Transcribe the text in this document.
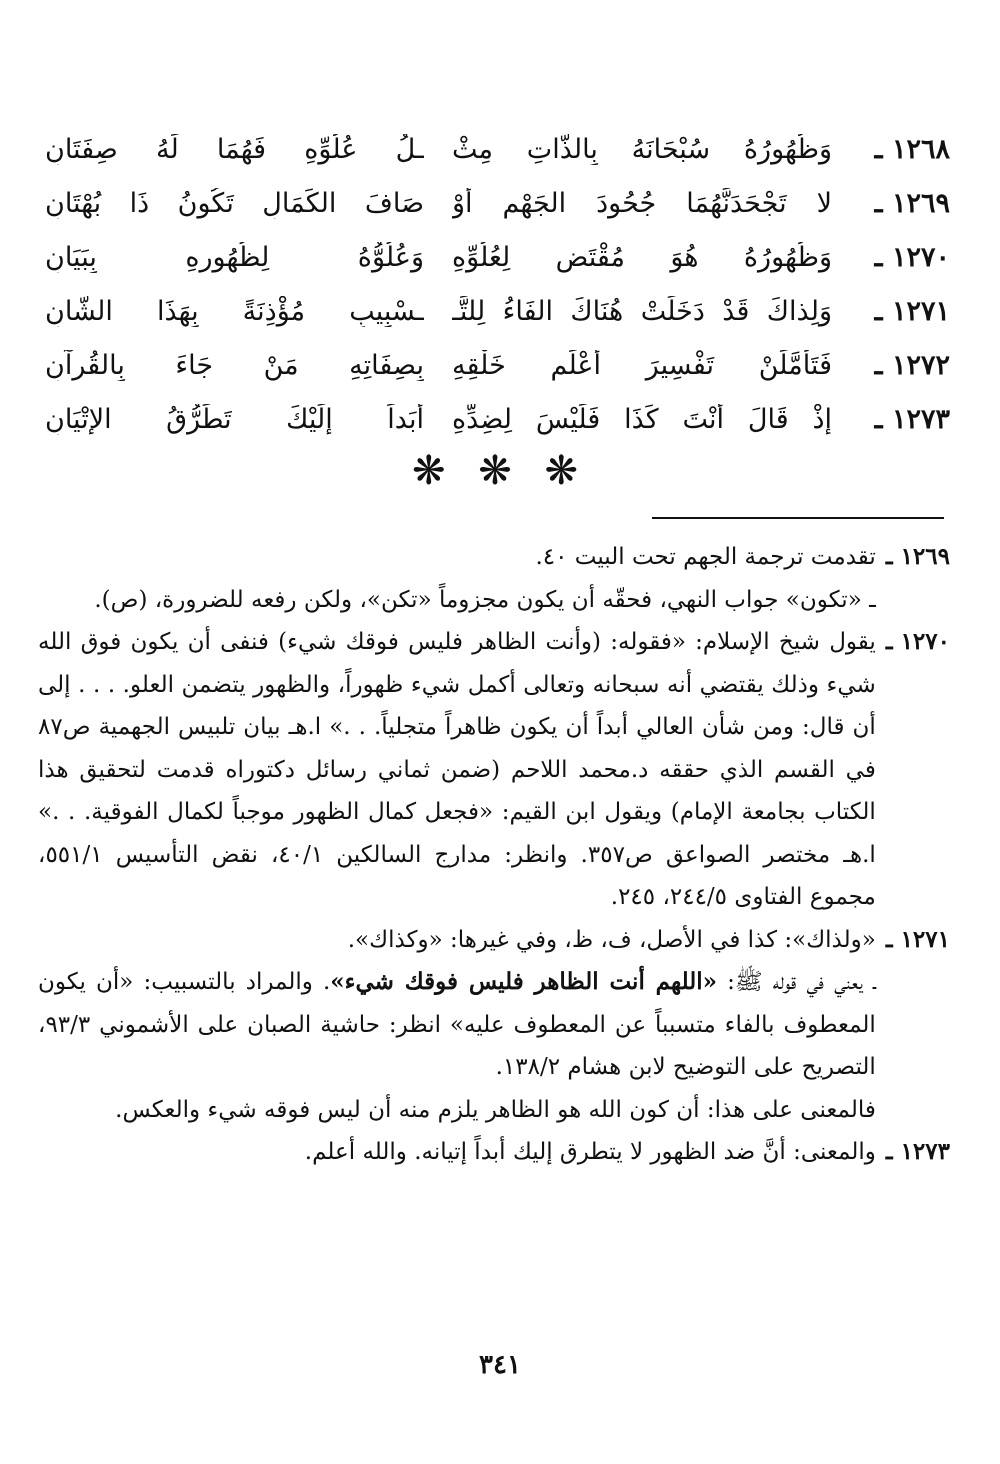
١٢٦٨ ـ
وَظُهُورُهُ سُبْحَانَهُ بِالذَّاتِ مِثْ
ـلُ عُلُوِّهِ فَهُمَا لَهُ صِفَتَانِ
١٢٦٩ ـ
لا تَجْحَدَنَّهُمَا جُحُودَ الجَهْمِ أوْ
صَافَ الكَمَالِ تَكُونُ ذَا بُهْتَانِ
١٢٧٠ ـ
وَظُهُورُهُ هُوَ مُقْتَضٍ لِعُلُوِّهِ
وَعُلُوُّهُ لِظُهُورِهِ بِبَيَانِ
١٢٧١ ـ
وَلِذاكَ قَدْ دَخَلَتْ هُنَاكَ الفَاءُ لِلتَّـ
ـسْبِيبِ مُؤْذِنَةً بِهَذَا الشَّانِ
١٢٧٢ ـ
فَتَأَمَّلَنْ تَفْسِيرَ أعْلَمِ خَلْقِهِ
بِصِفَاتِهِ مَنْ جَاءَ بِالقُرآنِ
١٢٧٣ ـ
إذْ قَالَ أنْتَ كَذَا فَلَيْسَ لِضِدِّهِ
أبَداً إلَيْكَ تَطَرُّقُ الإتْيَانِ
❋ ❋ ❋
١٢٦٩ ـ

تقدمت ترجمة الجهم تحت البيت ٤٠.

ـ «تكون» جواب النهي، فحقّه أن يكون مجزوماً «تكن»، ولكن رفعه للضرورة، (ص).

١٢٧٠ ـ

يقول شيخ الإسلام: «فقوله: (وأنت الظاهر فليس فوقك شيء) فنفى أن يكون فوق الله شيء وذلك يقتضي أنه سبحانه وتعالى أكمل شيء ظهوراً، والظهور يتضمن العلو. . . . إلى أن قال: ومن شأن العالي أبداً أن يكون ظاهراً متجلياً. . .» ا.هـ بيان تلبيس الجهمية ص٨٧ في القسم الذي حققه د.محمد اللاحم (ضمن ثماني رسائل دكتوراه قدمت لتحقيق هذا الكتاب بجامعة الإمام) ويقول ابن القيم: «فجعل كمال الظهور موجباً لكمال الفوقية. . .» ا.هـ مختصر الصواعق ص٣٥٧. وانظر: مدارج السالكين ٤٠/١، نقض التأسيس ٥٥١/١، مجموع الفتاوى ٢٤٤/٥، ٢٤٥.

١٢٧١ ـ

«ولذاك»: كذا في الأصل، ف، ظ، وفي غيرها: «وكذاك».

ـ يعني في قوله ﷺ: «اللهم أنت الظاهر فليس فوقك شيء». والمراد بالتسبيب: «أن يكون المعطوف بالفاء متسبباً عن المعطوف عليه» انظر: حاشية الصبان على الأشموني ٩٣/٣، التصريح على التوضيح لابن هشام ١٣٨/٢.

فالمعنى على هذا: أن كون الله هو الظاهر يلزم منه أن ليس فوقه شيء والعكس.

١٢٧٣ ـ

والمعنى: أنَّ ضد الظهور لا يتطرق إليك أبداً إتيانه. والله أعلم.

٣٤١
